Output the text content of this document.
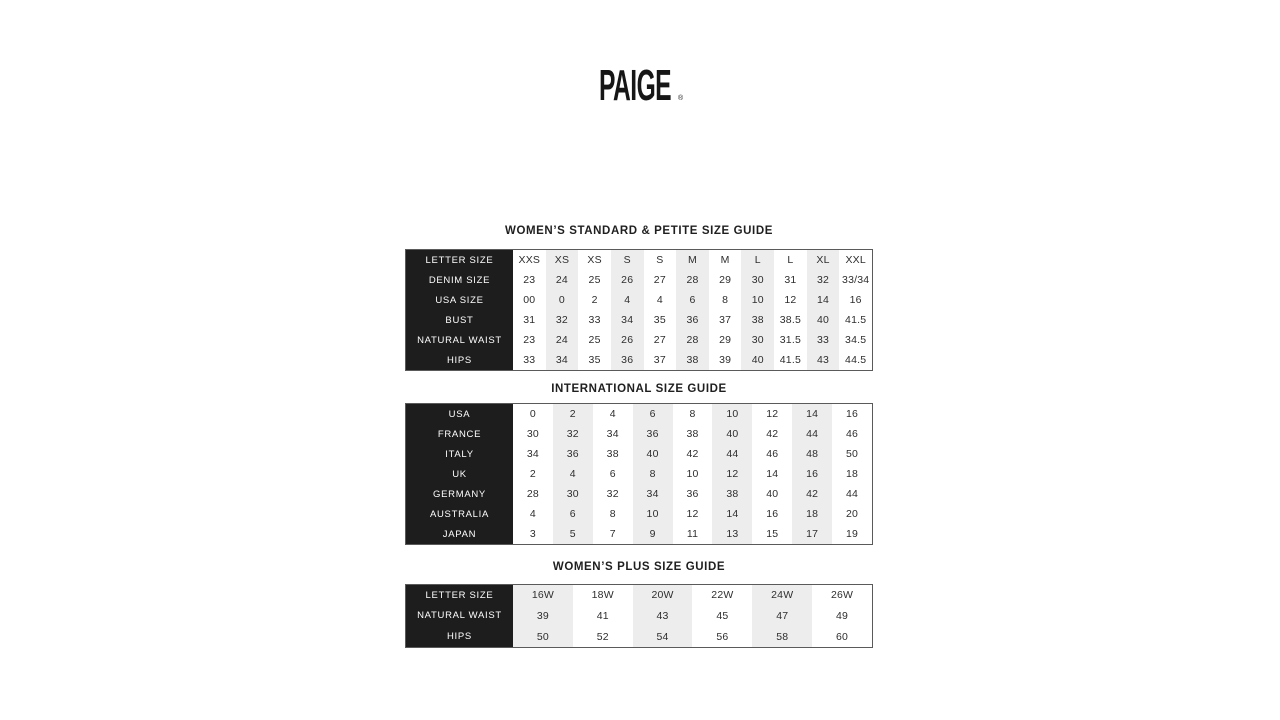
PAIGE ®
WOMEN’S STANDARD & PETITE SIZE GUIDE
INTERNATIONAL SIZE GUIDE
WOMEN’S PLUS SIZE GUIDE
LETTER SIZE	XXS	XS	XS	S	S	M	M	L	L	XL	XXL
DENIM SIZE	23	24	25	26	27	28	29	30	31	32	33/34
USA SIZE	00	0	2	4	4	6	8	10	12	14	16
BUST	31	32	33	34	35	36	37	38	38.5	40	41.5
NATURAL WAIST	23	24	25	26	27	28	29	30	31.5	33	34.5
HIPS	33	34	35	36	37	38	39	40	41.5	43	44.5
USA	0	2	4	6	8	10	12	14	16
FRANCE	30	32	34	36	38	40	42	44	46
ITALY	34	36	38	40	42	44	46	48	50
UK	2	4	6	8	10	12	14	16	18
GERMANY	28	30	32	34	36	38	40	42	44
AUSTRALIA	4	6	8	10	12	14	16	18	20
JAPAN	3	5	7	9	11	13	15	17	19
LETTER SIZE	16W	18W	20W	22W	24W	26W
NATURAL WAIST	39	41	43	45	47	49
HIPS	50	52	54	56	58	60
